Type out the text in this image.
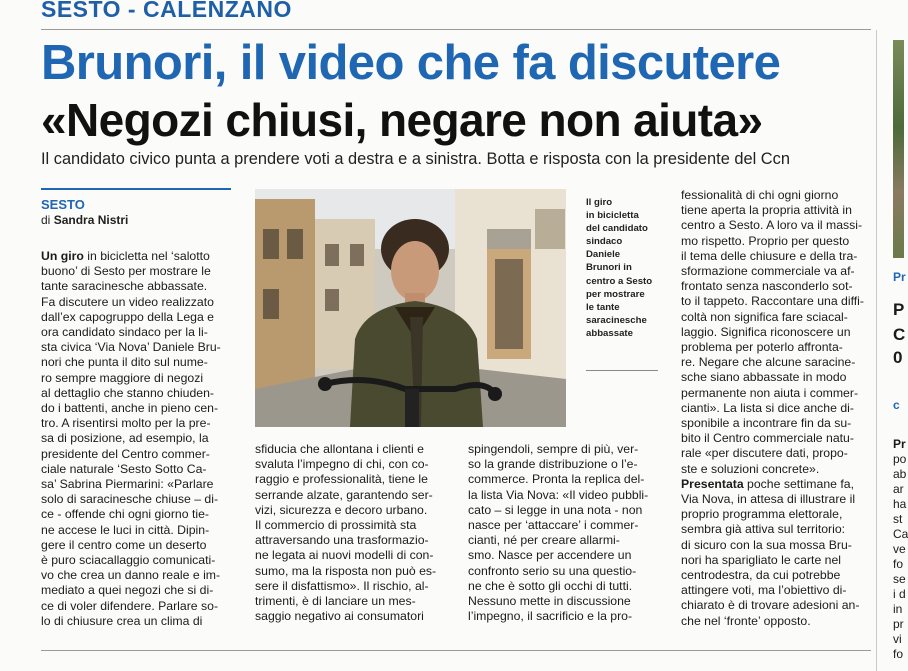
SESTO - CALENZANO
Brunori, il video che fa discutere
«Negozi chiusi, negare non aiuta»
Il candidato civico punta a prendere voti a destra e a sinistra. Botta e risposta con la presidente del Ccn
SESTO
di Sandra Nistri
Un giro in bicicletta nel ‘salotto
buono’ di Sesto per mostrare le
tante saracinesche abbassate.
Fa discutere un video realizzato
dall’ex capogruppo della Lega e
ora candidato sindaco per la li-
sta civica ‘Via Nova’ Daniele Bru-
nori che punta il dito sul nume-
ro sempre maggiore di negozi
al dettaglio che stanno chiuden-
do i battenti, anche in pieno cen-
tro. A risentirsi molto per la pre-
sa di posizione, ad esempio, la
presidente del Centro commer-
ciale naturale ‘Sesto Sotto Ca-
sa’ Sabrina Piermarini: «Parlare
solo di saracinesche chiuse – di-
ce - offende chi ogni giorno tie-
ne accese le luci in città. Dipin-
gere il centro come un deserto
è puro sciacallaggio comunicati-
vo che crea un danno reale e im-
mediato a quei negozi che si di-
ce di voler difendere. Parlare so-
lo di chiusure crea un clima di
Il giro
in bicicletta
del candidato
sindaco
Daniele
Brunori in
centro a Sesto
per mostrare
le tante
saracinesche
abbassate
sfiducia che allontana i clienti e
svaluta l’impegno di chi, con co-
raggio e professionalità, tiene le
serrande alzate, garantendo ser-
vizi, sicurezza e decoro urbano.
Il commercio di prossimità sta
attraversando una trasformazio-
ne legata ai nuovi modelli di con-
sumo, ma la risposta non può es-
sere il disfattismo». Il rischio, al-
trimenti, è di lanciare un mes-
saggio negativo ai consumatori
spingendoli, sempre di più, ver-
so la grande distribuzione o l’e-
commerce. Pronta la replica del-
la lista Via Nova: «Il video pubbli-
cato – si legge in una nota - non
nasce per ‘attaccare’ i commer-
cianti, né per creare allarmi-
smo. Nasce per accendere un
confronto serio su una questio-
ne che è sotto gli occhi di tutti.
Nessuno mette in discussione
l’impegno, il sacrificio e la pro-
fessionalità di chi ogni giorno
tiene aperta la propria attività in
centro a Sesto. A loro va il massi-
mo rispetto. Proprio per questo
il tema delle chiusure e della tra-
sformazione commerciale va af-
frontato senza nasconderlo sot-
to il tappeto. Raccontare una diffi-
coltà non significa fare sciacal-
laggio. Significa riconoscere un
problema per poterlo affronta-
re. Negare che alcune saracine-
sche siano abbassate in modo
permanente non aiuta i commer-
cianti». La lista si dice anche di-
sponibile a incontrare fin da su-
bito il Centro commerciale natu-
rale «per discutere dati, propo-
ste e soluzioni concrete».
Presentata poche settimane fa,
Via Nova, in attesa di illustrare il
proprio programma elettorale,
sembra già attiva sul territorio:
di sicuro con la sua mossa Bru-
nori ha sparigliato le carte nel
centrodestra, da cui potrebbe
attingere voti, ma l’obiettivo di-
chiarato è di trovare adesioni an-
che nel ‘fronte’ opposto.
Pr
P
C
0
c
Pr
po
ab
ar
ha
st
Ca
ve
fo
se
i d
in
pr
vi
fo
